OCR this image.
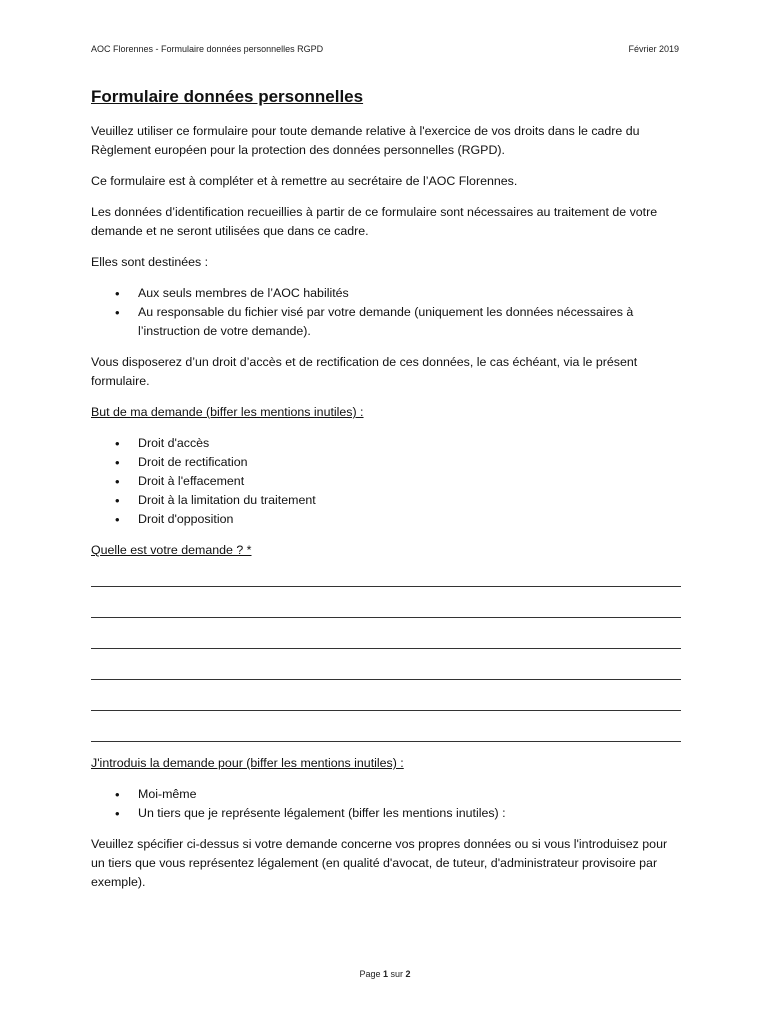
AOC Florennes - Formulaire données personnelles RGPD	Février 2019
Formulaire données personnelles

Veuillez utiliser ce formulaire pour toute demande relative à l'exercice de vos droits dans le cadre du Règlement européen pour la protection des données personnelles (RGPD).

Ce formulaire est à compléter et à remettre au secrétaire de l’AOC Florennes.

Les données d’identification recueillies à partir de ce formulaire sont nécessaires au traitement de votre demande et ne seront utilisées que dans ce cadre.

Elles sont destinées :

• Aux seuls membres de l’AOC habilités
• Au responsable du fichier visé par votre demande (uniquement les données nécessaires à l’instruction de votre demande).

Vous disposerez d’un droit d’accès et de rectification de ces données, le cas échéant, via le présent formulaire.

But de ma demande (biffer les mentions inutiles) :

• Droit d'accès
• Droit de rectification
• Droit à l'effacement
• Droit à la limitation du traitement
• Droit d'opposition

Quelle est votre demande ? *

J'introduis la demande pour (biffer les mentions inutiles) :

• Moi-même
• Un tiers que je représente légalement (biffer les mentions inutiles) :

Veuillez spécifier ci-dessus si votre demande concerne vos propres données ou si vous l'introduisez pour un tiers que vous représentez légalement (en qualité d'avocat, de tuteur, d'administrateur provisoire par exemple).

Page 1 sur 2
